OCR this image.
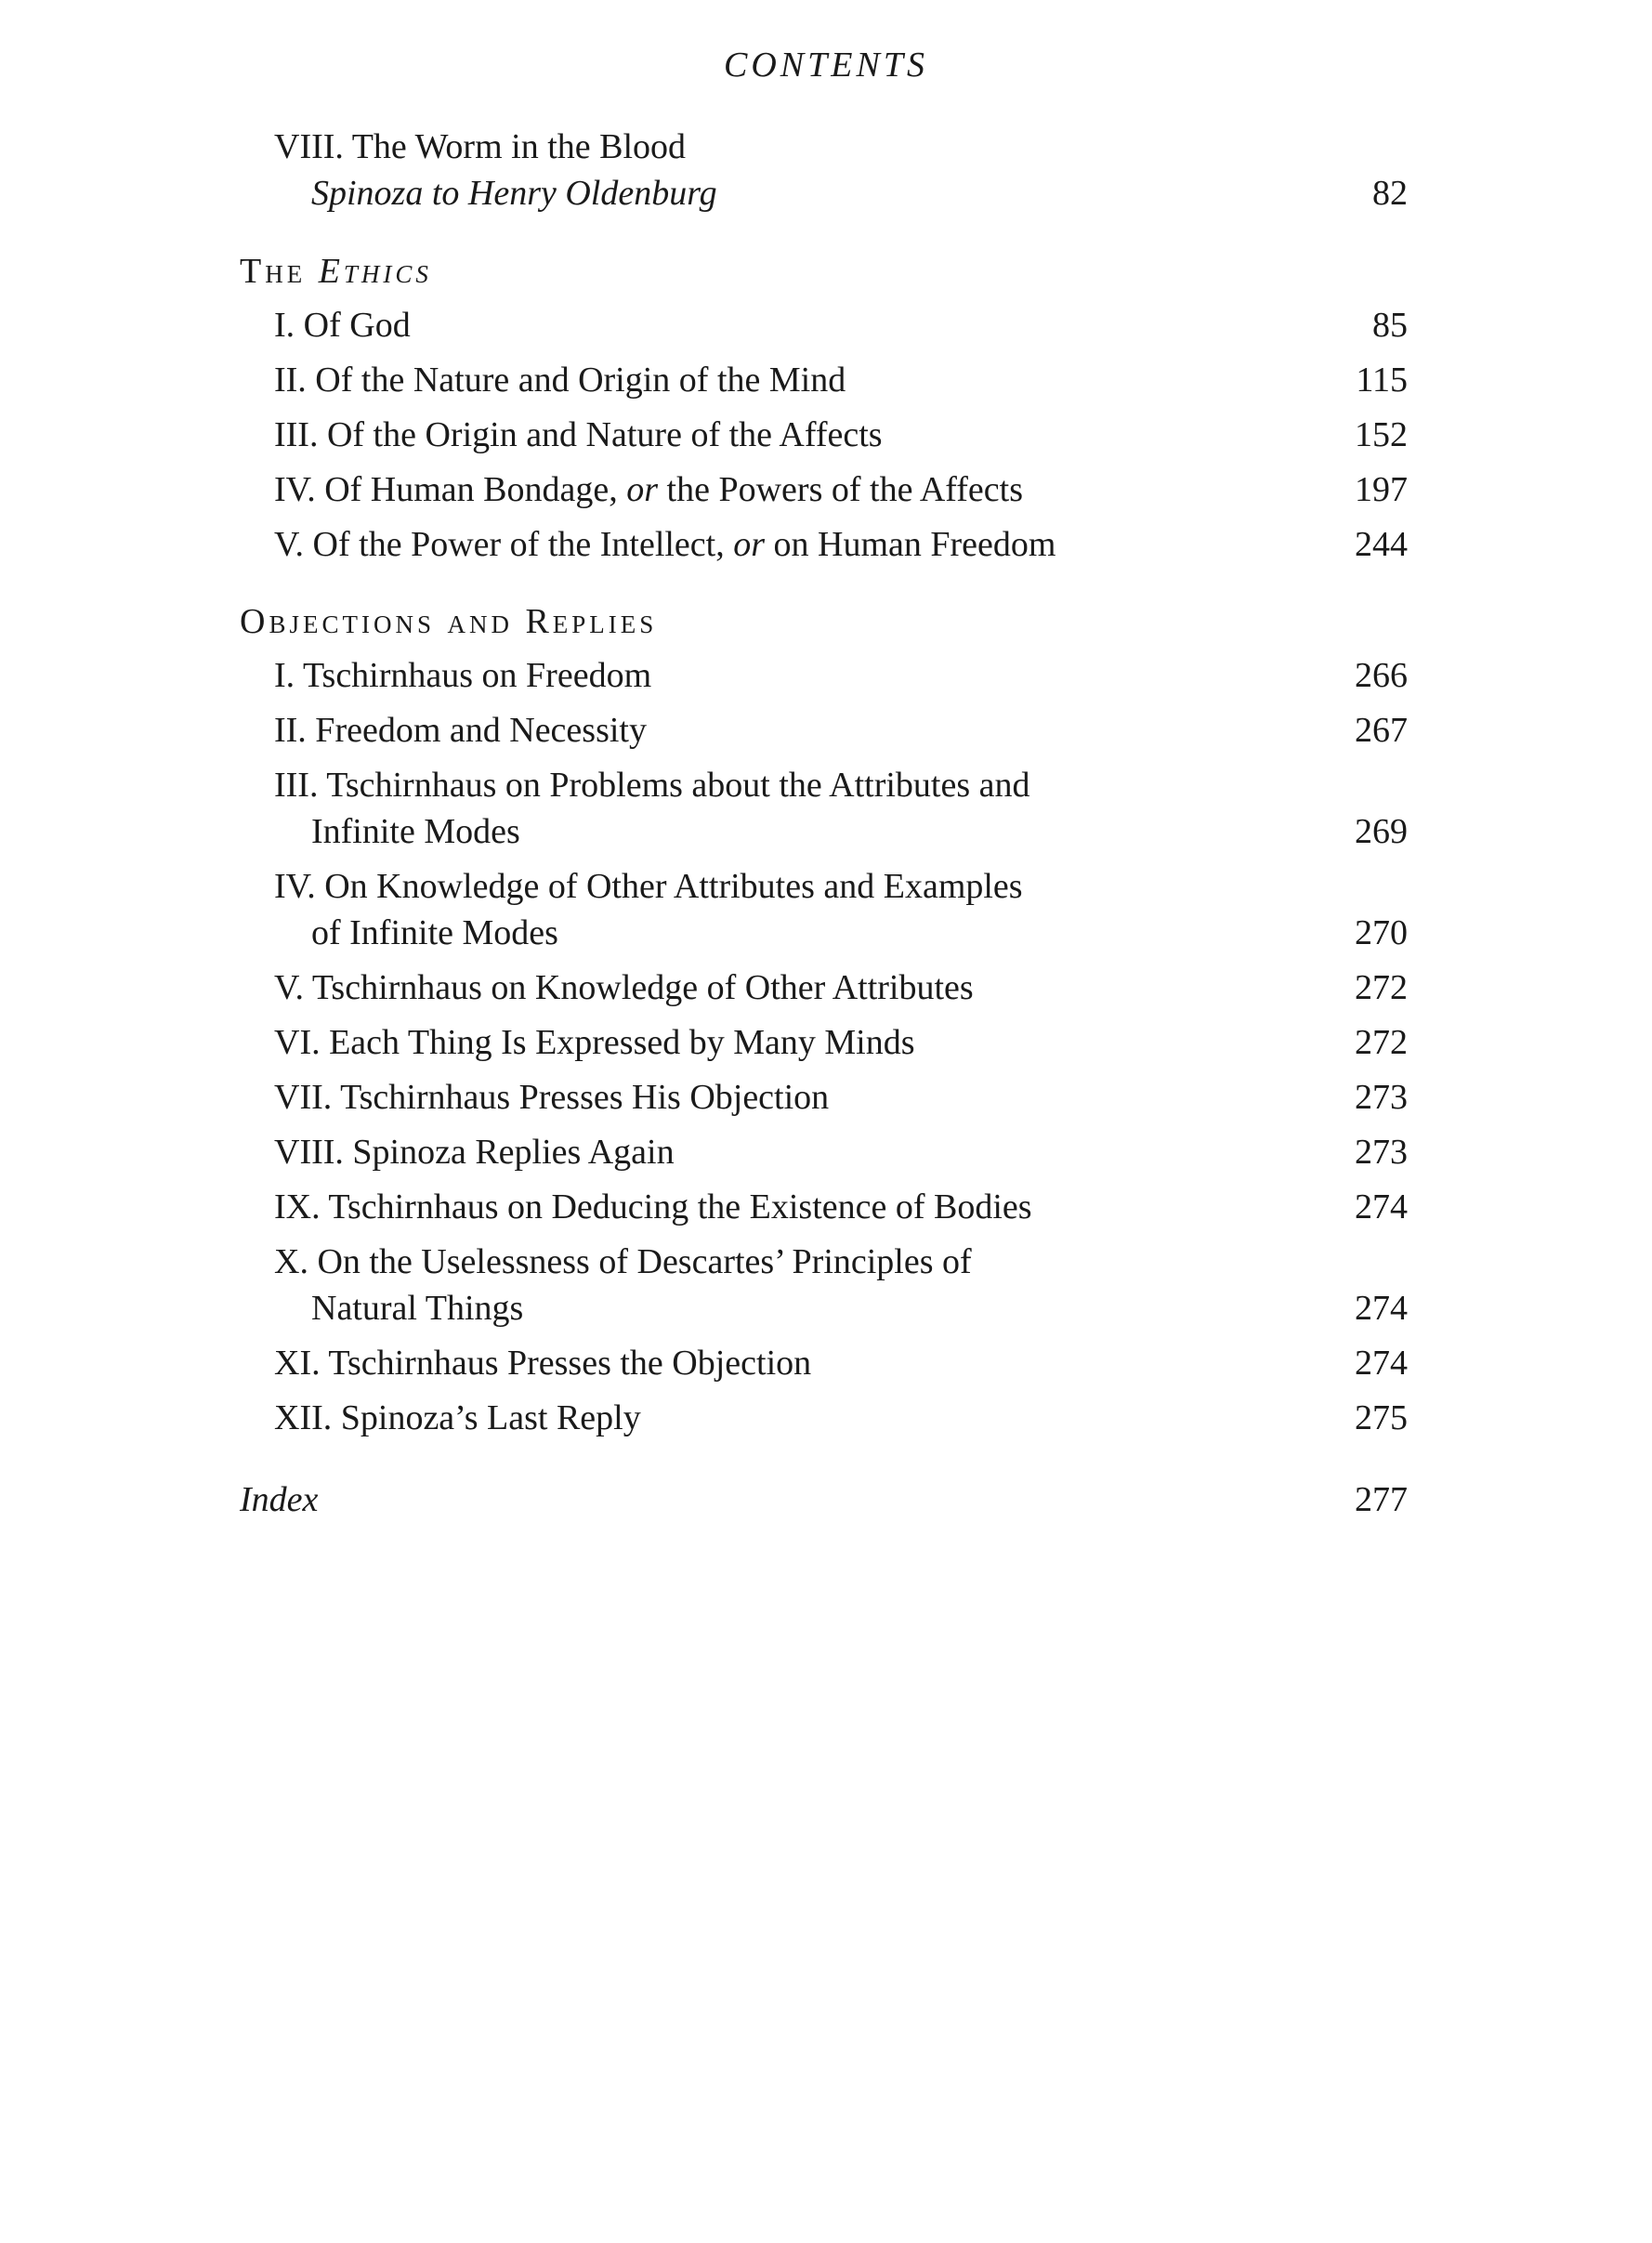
CONTENTS
VIII. The Worm in the Blood
Spinoza to Henry Oldenburg	82
The Ethics
I. Of God	85
II. Of the Nature and Origin of the Mind	115
III. Of the Origin and Nature of the Affects	152
IV. Of Human Bondage, or the Powers of the Affects	197
V. Of the Power of the Intellect, or on Human Freedom	244
Objections and Replies
I. Tschirnhaus on Freedom	266
II. Freedom and Necessity	267
III. Tschirnhaus on Problems about the Attributes and
Infinite Modes	269
IV. On Knowledge of Other Attributes and Examples
of Infinite Modes	270
V. Tschirnhaus on Knowledge of Other Attributes	272
VI. Each Thing Is Expressed by Many Minds	272
VII. Tschirnhaus Presses His Objection	273
VIII. Spinoza Replies Again	273
IX. Tschirnhaus on Deducing the Existence of Bodies	274
X. On the Uselessness of Descartes’ Principles of
Natural Things	274
XI. Tschirnhaus Presses the Objection	274
XII. Spinoza’s Last Reply	275
Index	277
